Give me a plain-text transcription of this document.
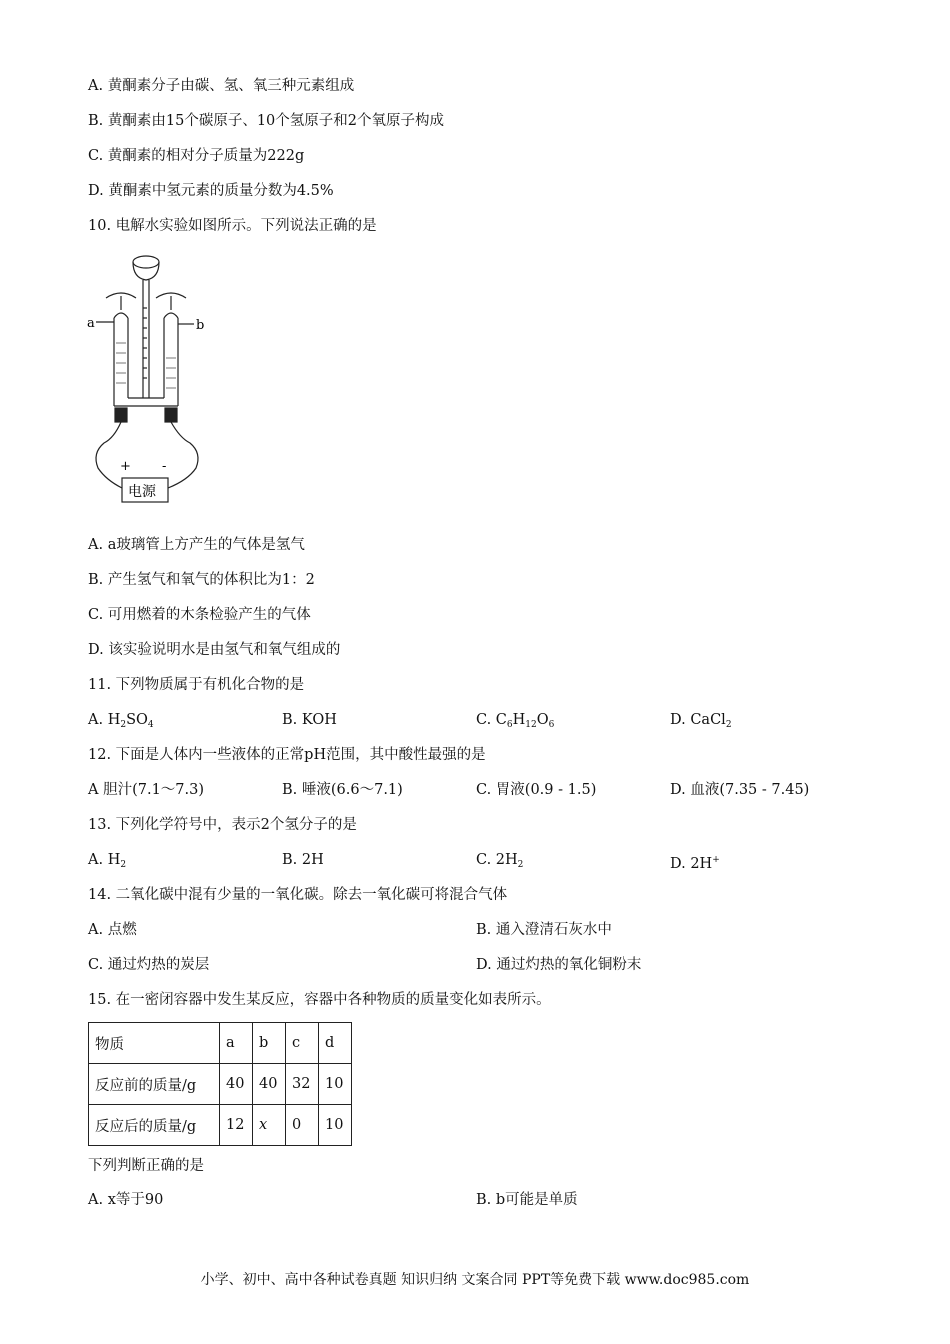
A. 黄酮素分子由碳、氢、氧三种元素组成
B. 黄酮素由15个碳原子、10个氢原子和2个氧原子构成
C. 黄酮素的相对分子质量为222g
D. 黄酮素中氢元素的质量分数为4.5%
10. 电解水实验如图所示。下列说法正确的是
a	b
+ -
电源
A. a玻璃管上方产生的气体是氢气
B. 产生氢气和氧气的体积比为1：2
C. 可用燃着的木条检验产生的气体
D. 该实验说明水是由氢气和氧气组成的
11. 下列物质属于有机化合物的是
A. $H_2SO_4$	B. KOH	C. $C_6H_{12}O_6$	D. CaCl$_2$
12. 下面是人体内一些液体的正常pH范围，其中酸性最强的是
A 胆汁(7.1～7.3)	B. 唾液(6.6～7.1)	C. 胃液(0.9 - 1.5)	D. 血液(7.35 - 7.45)
13. 下列化学符号中，表示2个氢分子的是
A. $H_2$	B. 2H	C. $2H_2$	D. 2H+
14. 二氧化碳中混有少量的一氧化碳。除去一氧化碳可将混合气体
A. 点燃	B. 通入澄清石灰水中
C. 通过灼热的炭层	D. 通过灼热的氧化铜粉末
15. 在一密闭容器中发生某反应，容器中各种物质的质量变化如表所示。
物质	a	b	c	d
反应前的质量/g	40	40	32	10
反应后的质量/g	12	x	0	10
下列判断正确的是
A. x等于90	B. b可能是单质
小学、初中、高中各种试卷真题 知识归纳 文案合同 PPT等免费下载 www.doc985.com
